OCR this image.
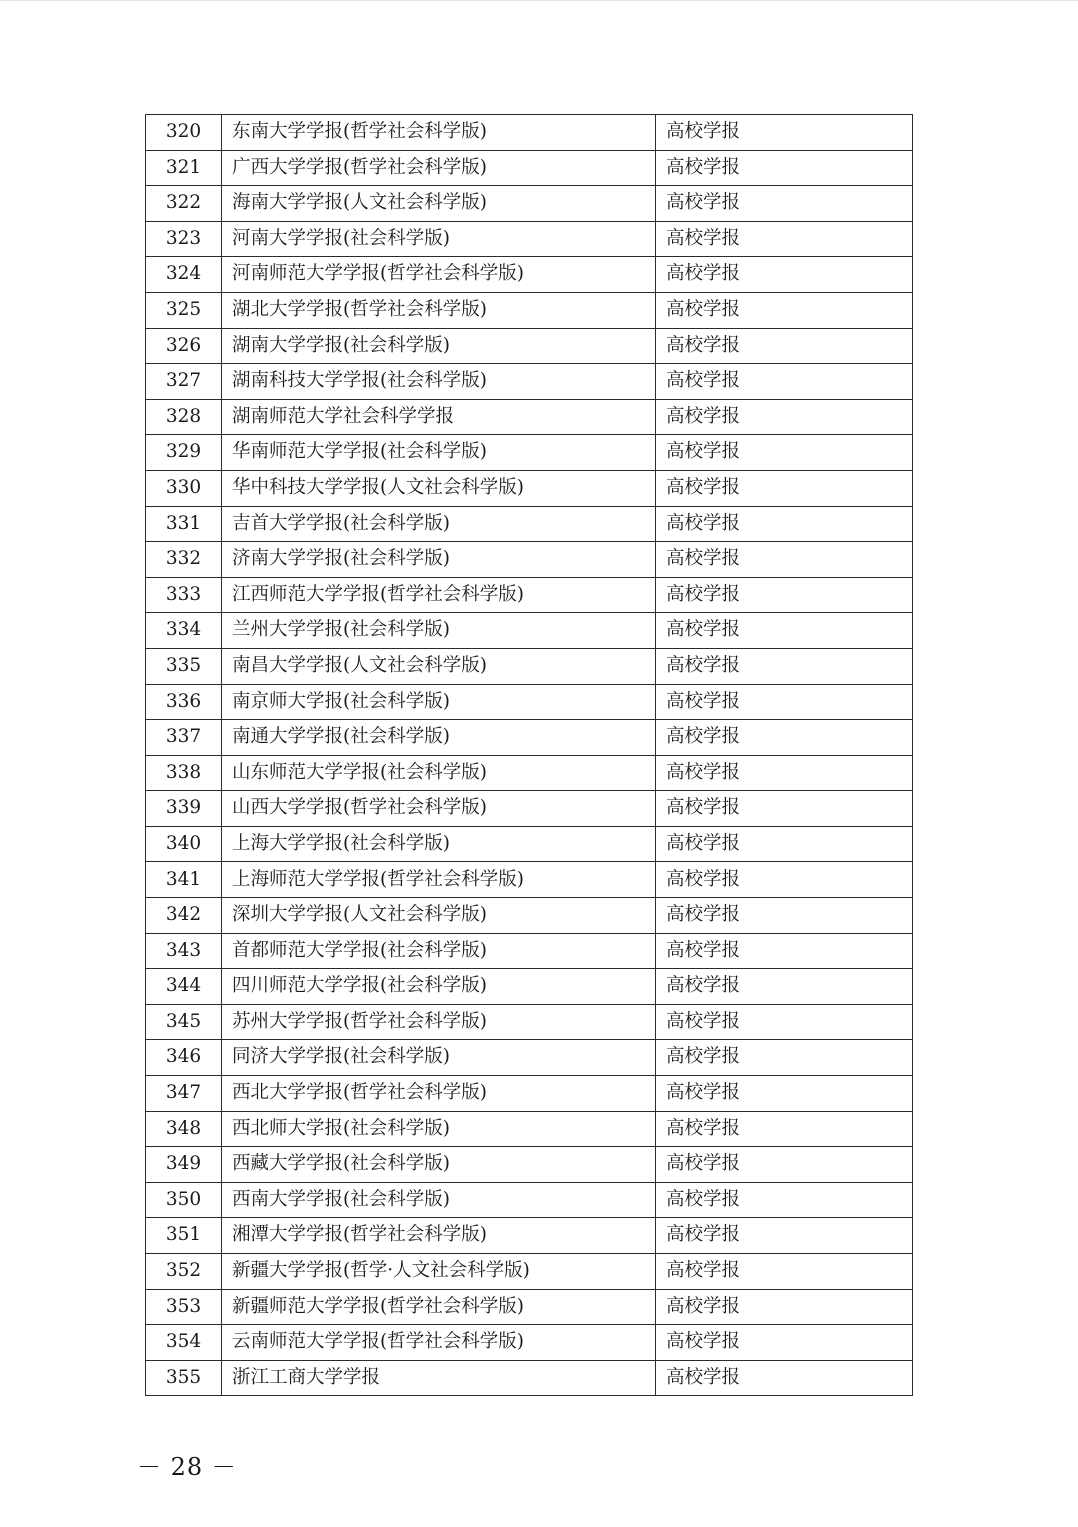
320	东南大学学报(哲学社会科学版)	高校学报
321	广西大学学报(哲学社会科学版)	高校学报
322	海南大学学报(人文社会科学版)	高校学报
323	河南大学学报(社会科学版)	高校学报
324	河南师范大学学报(哲学社会科学版)	高校学报
325	湖北大学学报(哲学社会科学版)	高校学报
326	湖南大学学报(社会科学版)	高校学报
327	湖南科技大学学报(社会科学版)	高校学报
328	湖南师范大学社会科学学报	高校学报
329	华南师范大学学报(社会科学版)	高校学报
330	华中科技大学学报(人文社会科学版)	高校学报
331	吉首大学学报(社会科学版)	高校学报
332	济南大学学报(社会科学版)	高校学报
333	江西师范大学学报(哲学社会科学版)	高校学报
334	兰州大学学报(社会科学版)	高校学报
335	南昌大学学报(人文社会科学版)	高校学报
336	南京师大学报(社会科学版)	高校学报
337	南通大学学报(社会科学版)	高校学报
338	山东师范大学学报(社会科学版)	高校学报
339	山西大学学报(哲学社会科学版)	高校学报
340	上海大学学报(社会科学版)	高校学报
341	上海师范大学学报(哲学社会科学版)	高校学报
342	深圳大学学报(人文社会科学版)	高校学报
343	首都师范大学学报(社会科学版)	高校学报
344	四川师范大学学报(社会科学版)	高校学报
345	苏州大学学报(哲学社会科学版)	高校学报
346	同济大学学报(社会科学版)	高校学报
347	西北大学学报(哲学社会科学版)	高校学报
348	西北师大学报(社会科学版)	高校学报
349	西藏大学学报(社会科学版)	高校学报
350	西南大学学报(社会科学版)	高校学报
351	湘潭大学学报(哲学社会科学版)	高校学报
352	新疆大学学报(哲学·人文社会科学版)	高校学报
353	新疆师范大学学报(哲学社会科学版)	高校学报
354	云南师范大学学报(哲学社会科学版)	高校学报
355	浙江工商大学学报	高校学报
－ 28 －
